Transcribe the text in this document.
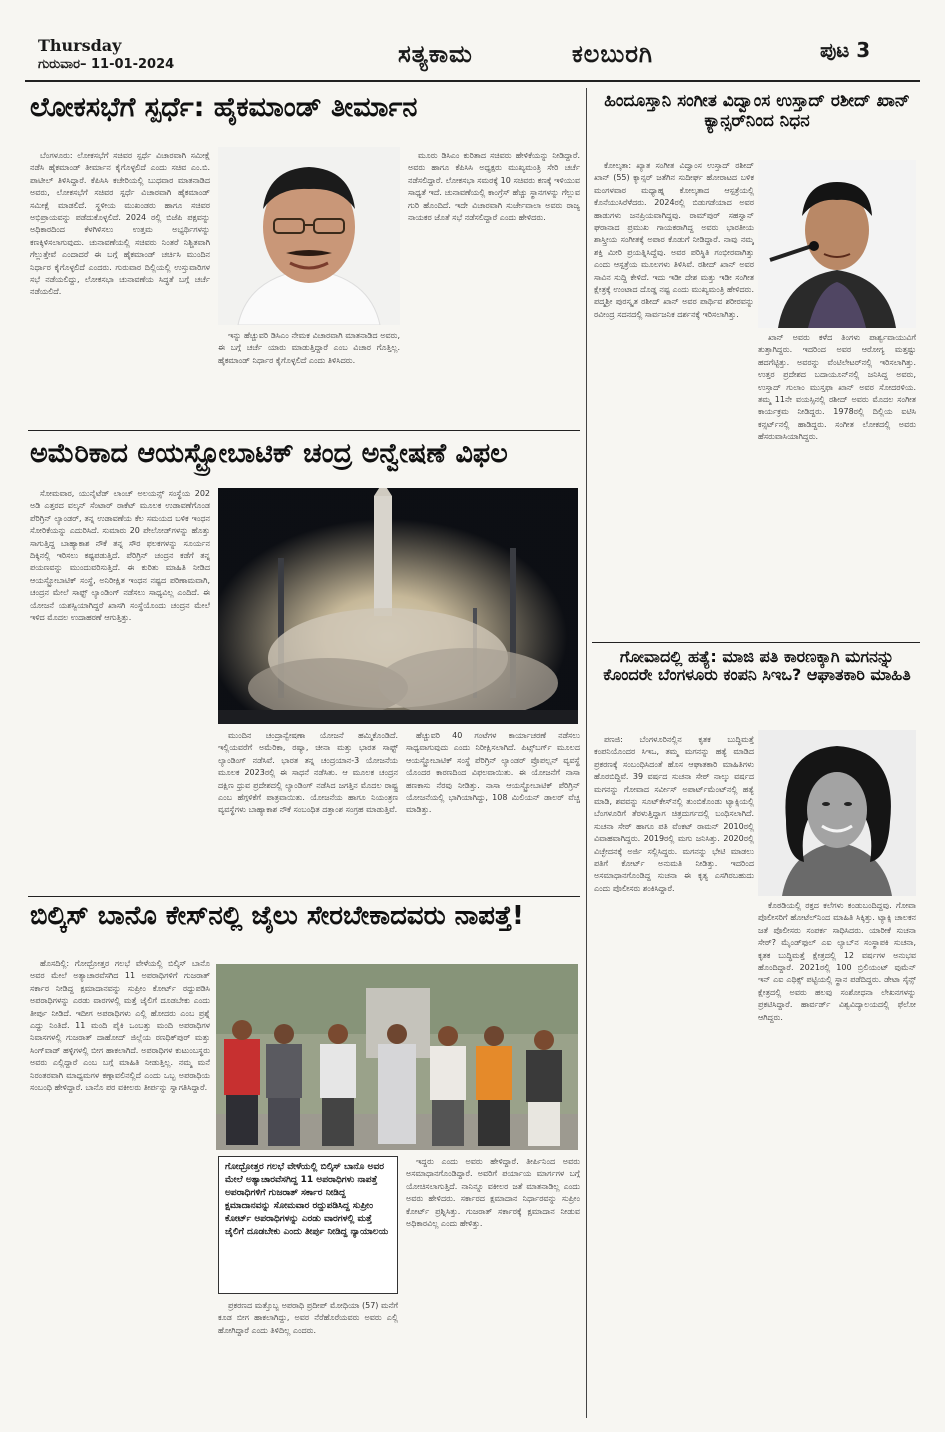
Thursday
ಗುರುವಾರ– 11-01-2024	ಸತ್ಯಕಾಮ	ಕಲಬುರಗಿ	ಪುಟ 3
ಲೋಕಸಭೆಗೆ ಸ್ಪರ್ಧೆ: ಹೈಕಮಾಂಡ್ ತೀರ್ಮಾನ

ಬೆಂಗಳೂರು: ಲೋಕಸಭೆಗೆ ಸಚಿವರ ಸ್ಪರ್ಧೆ ವಿಚಾರವಾಗಿ ಸಮೀಕ್ಷೆ ನಡೆಸಿ ಹೈಕಮಾಂಡ್ ತೀರ್ಮಾನ ಕೈಗೊಳ್ಳಲಿದೆ ಎಂದು ಸಚಿವ ಎಂ.ಬಿ. ಪಾಟೀಲ್ ತಿಳಿಸಿದ್ದಾರೆ. ಕೆಪಿಸಿಸಿ ಕಚೇರಿಯಲ್ಲಿ ಬುಧವಾರ ಮಾತನಾಡಿದ ಅವರು, ಲೋಕಸಭೆಗೆ ಸಚಿವರ ಸ್ಪರ್ಧೆ ವಿಚಾರವಾಗಿ ಹೈಕಮಾಂಡ್ ಸಮೀಕ್ಷೆ ಮಾಡಲಿದೆ. ಸ್ಥಳೀಯ ಮುಖಂಡರು ಹಾಗೂ ಸಚಿವರ ಅಭಿಪ್ರಾಯವನ್ನು ಪಡೆದುಕೊಳ್ಳಲಿದೆ. 2024 ರಲ್ಲಿ ಬಿಜೆಪಿ ಪಕ್ಷವನ್ನು ಅಧಿಕಾರದಿಂದ ಕೆಳಗಿಳಿಸಲು ಉತ್ತಮ ಅಭ್ಯರ್ಥಿಗಳನ್ನು ಕಣಕ್ಕಿಳಿಸಲಾಗುವುದು. ಚುನಾವಣೆಯಲ್ಲಿ ಸಚಿವರು ನಿಂತರೆ ನಿಶ್ಚಿತವಾಗಿ ಗೆಲ್ಲುತ್ತೇವೆ ಎಂದಾದರೆ ಈ ಬಗ್ಗೆ ಹೈಕಮಾಂಡ್ ಚರ್ಚಿಸಿ ಮುಂದಿನ ನಿರ್ಧಾರ ಕೈಗೊಳ್ಳಲಿದೆ ಎಂದರು. ಗುರುವಾರ ದಿಲ್ಲಿಯಲ್ಲಿ ಉಸ್ತುವಾರಿಗಳ ಸಭೆ ನಡೆಯಲಿದ್ದು, ಲೋಕಸಭಾ ಚುನಾವಣೆಯ ಸಿದ್ಧತೆ ಬಗ್ಗೆ ಚರ್ಚೆ ನಡೆಯಲಿದೆ.

ಇನ್ನು ಹೆಚ್ಚುವರಿ ಡಿಸಿಎಂ ನೇಮಕ ವಿಚಾರವಾಗಿ ಮಾತನಾಡಿದ ಅವರು, ಈ ಬಗ್ಗೆ ಚರ್ಚೆ ಯಾರು ಮಾಡುತ್ತಿದ್ದಾರೆ ಎಂಬ ವಿಚಾರ ಗೊತ್ತಿಲ್ಲ. ಹೈಕಮಾಂಡ್ ನಿರ್ಧಾರ ಕೈಗೊಳ್ಳಲಿದೆ ಎಂದು ತಿಳಿಸಿದರು.

ಮೂರು ಡಿಸಿಎಂ ಕುರಿತಾದ ಸಚಿವರು ಹೇಳಿಕೆಯನ್ನು ನೀಡಿದ್ದಾರೆ. ಅವರು ಹಾಗೂ ಕೆಪಿಸಿಸಿ ಅಧ್ಯಕ್ಷರು ಮುಖ್ಯಮಂತ್ರಿ ಸೇರಿ ಚರ್ಚೆ ನಡೆಸಲಿದ್ದಾರೆ. ಲೋಕಸಭಾ ಸಮರಕ್ಕೆ 10 ಸಚಿವರು ಕಣಕ್ಕೆ ಇಳಿಯುವ ಸಾಧ್ಯತೆ ಇದೆ. ಚುನಾವಣೆಯಲ್ಲಿ ಕಾಂಗ್ರೆಸ್ ಹೆಚ್ಚು ಸ್ಥಾನಗಳನ್ನು ಗೆಲ್ಲುವ ಗುರಿ ಹೊಂದಿದೆ. ಇದೇ ವಿಚಾರವಾಗಿ ಸುರ್ಜೇವಾಲಾ ಅವರು ರಾಜ್ಯ ನಾಯಕರ ಜೊತೆ ಸಭೆ ನಡೆಸಲಿದ್ದಾರೆ ಎಂದು ಹೇಳಿದರು.

ಅಮೆರಿಕಾದ ಆಯಸ್ಟ್ರೋಬಾಟಿಕ್ ಚಂದ್ರ ಅನ್ವೇಷಣೆ ವಿಫಲ

ಸೋಮವಾರ, ಯುನೈಟೆಡ್ ಲಾಂಚ್ ಅಲಯನ್ಸ್ ಸಂಸ್ಥೆಯ 202 ಅಡಿ ಎತ್ತರದ ವಲ್ಕನ್ ಸೆಂಟಾರ್ ರಾಕೆಟ್ ಮೂಲಕ ಉಡಾವಣೆಗೊಂಡ ಪೆರಿಗ್ರಿನ್ ಲ್ಯಾಂಡರ್, ತನ್ನ ಉಡಾವಣೆಯ ಕೆಲ ಸಮಯದ ಬಳಿಕ ಇಂಧನ ಸೋರಿಕೆಯನ್ನು ಎದುರಿಸಿದೆ. ಸುಮಾರು 20 ಪೇಲೋಡ್‌ಗಳನ್ನು ಹೊತ್ತು ಸಾಗುತ್ತಿದ್ದ ಬಾಹ್ಯಾಕಾಶ ನೌಕೆ ತನ್ನ ಸೌರ ಫಲಕಗಳನ್ನು ಸೂರ್ಯನ ದಿಕ್ಕಿನಲ್ಲಿ ಇರಿಸಲು ಕಷ್ಟಪಡುತ್ತಿದೆ. ಪೆರಿಗ್ರಿನ್ ಚಂದ್ರನ ಕಡೆಗೆ ತನ್ನ ಪಯಣವನ್ನು ಮುಂದುವರಿಸುತ್ತಿದೆ. ಈ ಕುರಿತು ಮಾಹಿತಿ ನೀಡಿದ ಆಯಸ್ಟ್ರೋಬಾಟಿಕ್ ಸಂಸ್ಥೆ, ಅನಿರೀಕ್ಷಿತ ಇಂಧನ ನಷ್ಟದ ಪರಿಣಾಮವಾಗಿ, ಚಂದ್ರನ ಮೇಲೆ ಸಾಫ್ಟ್ ಲ್ಯಾಂಡಿಂಗ್ ನಡೆಸಲು ಸಾಧ್ಯವಿಲ್ಲ ಎಂದಿದೆ. ಈ ಯೋಜನೆ ಯಶಸ್ವಿಯಾಗಿದ್ದರೆ ಖಾಸಗಿ ಸಂಸ್ಥೆಯೊಂದು ಚಂದ್ರನ ಮೇಲೆ ಇಳಿದ ಮೊದಲ ಉದಾಹರಣೆ ಆಗುತ್ತಿತ್ತು.

ಮುಂದಿನ ಚಂದ್ರಾನ್ವೇಷಣಾ ಯೋಜನೆ ಹಮ್ಮಿಕೊಂಡಿದೆ. ಇಲ್ಲಿಯವರೆಗೆ ಅಮೆರಿಕಾ, ರಷ್ಯಾ, ಚೀನಾ ಮತ್ತು ಭಾರತ ಸಾಫ್ಟ್ ಲ್ಯಾಂಡಿಂಗ್ ನಡೆಸಿವೆ. ಭಾರತ ತನ್ನ ಚಂದ್ರಯಾನ-3 ಯೋಜನೆಯ ಮೂಲಕ 2023ರಲ್ಲಿ ಈ ಸಾಧನೆ ನಡೆಸಿತು. ಆ ಮೂಲಕ ಚಂದ್ರನ ದಕ್ಷಿಣ ಧ್ರುವ ಪ್ರದೇಶದಲ್ಲಿ ಲ್ಯಾಂಡಿಂಗ್ ನಡೆಸಿದ ಜಗತ್ತಿನ ಮೊದಲ ರಾಷ್ಟ್ರ ಎಂಬ ಹೆಗ್ಗಳಿಕೆಗೆ ಪಾತ್ರವಾಯಿತು. ಯೋಜನೆಯ ಹಾಗೂ ನಿಯಂತ್ರಣ ವ್ಯವಸ್ಥೆಗಳು ಬಾಹ್ಯಾಕಾಶ ನೌಕೆ ಸಂಬಂಧಿತ ದತ್ತಾಂಶ ಸಂಗ್ರಹ ಮಾಡುತ್ತಿವೆ.

ಹೆಚ್ಚುವರಿ 40 ಗಂಟೆಗಳ ಕಾರ್ಯಾಚರಣೆ ನಡೆಸಲು ಸಾಧ್ಯವಾಗುವುದು ಎಂದು ನಿರೀಕ್ಷಿಸಲಾಗಿದೆ. ಪಿಟ್ಸ್‌ಬರ್ಗ್ ಮೂಲದ ಆಯಸ್ಟ್ರೋಬಾಟಿಕ್ ಸಂಸ್ಥೆ ಪೆರಿಗ್ರಿನ್ ಲ್ಯಾಂಡರ್ ಪ್ರೊಪಲ್ಷನ್ ವ್ಯವಸ್ಥೆ ಯೊಂದರ ಕಾರಣದಿಂದ ವಿಫಲವಾಯಿತು. ಈ ಯೋಜನೆಗೆ ನಾಸಾ ಹಣಕಾಸು ನೆರವು ನೀಡಿತ್ತು. ನಾಸಾ ಆಯಸ್ಟ್ರೋಬಾಟಿಕ್ ಪೆರಿಗ್ರಿನ್ ಯೋಜನೆಯಲ್ಲಿ ಭಾಗಿಯಾಗಿದ್ದು, 108 ಮಿಲಿಯನ್ ಡಾಲರ್ ವೆಚ್ಚ ಮಾಡಿತ್ತು.

ಬಿಲ್ಕಿಸ್ ಬಾನೊ ಕೇಸ್‌ನಲ್ಲಿ ಜೈಲು ಸೇರಬೇಕಾದವರು ನಾಪತ್ತೆ!

ಹೊಸದಿಲ್ಲಿ: ಗೋಧ್ರೋತ್ತರ ಗಲಭೆ ವೇಳೆಯಲ್ಲಿ ಬಿಲ್ಕಿಸ್ ಬಾನೊ ಅವರ ಮೇಲೆ ಅತ್ಯಾಚಾರವೆಸಗಿದ 11 ಅಪರಾಧಿಗಳಿಗೆ ಗುಜರಾತ್ ಸರ್ಕಾರ ನೀಡಿದ್ದ ಕ್ಷಮಾದಾನವನ್ನು ಸುಪ್ರೀಂ ಕೋರ್ಟ್ ರದ್ದುಪಡಿಸಿ ಅಪರಾಧಿಗಳನ್ನು ಎರಡು ವಾರಗಳಲ್ಲಿ ಮತ್ತೆ ಜೈಲಿಗೆ ದೂಡಬೇಕು ಎಂದು ತೀರ್ಪು ನೀಡಿದೆ. ಇದೀಗ ಅಪರಾಧಿಗಳು ಎಲ್ಲಿ ಹೋದರು ಎಂಬ ಪ್ರಶ್ನೆ ಎದ್ದು ನಿಂತಿದೆ. 11 ಮಂದಿ ಪೈಕಿ ಒಂಬತ್ತು ಮಂದಿ ಅಪರಾಧಿಗಳ ನಿವಾಸಗಳಲ್ಲಿ ಗುಜರಾತ್ ದಾಹೋದ್ ಜಿಲ್ಲೆಯ ರಣಧಿಕ್‌ಪುರ್ ಮತ್ತು ಸಿಂಗ್‌ವಾಡ್ ಹಳ್ಳಿಗಳಲ್ಲಿ ಬೀಗ ಹಾಕಲಾಗಿದೆ. ಅಪರಾಧಿಗಳ ಕುಟುಂಬಸ್ಥರು ಅವರು ಎಲ್ಲಿದ್ದಾರೆ ಎಂಬ ಬಗ್ಗೆ ಮಾಹಿತಿ ನೀಡುತ್ತಿಲ್ಲ. ನಮ್ಮ ಮನೆ ನಿರಂತರವಾಗಿ ಮಾಧ್ಯಮಗಳ ಕಣ್ಗಾವಲಿನಲ್ಲಿದೆ ಎಂದು ಒಬ್ಬ ಅಪರಾಧಿಯ ಸಂಬಂಧಿ ಹೇಳಿದ್ದಾರೆ. ಬಾನೊ ಪರ ವಕೀಲರು ತೀರ್ಪನ್ನು ಸ್ವಾಗತಿಸಿದ್ದಾರೆ.

ಗೋಧ್ರೋತ್ತರ ಗಲಭೆ ವೇಳೆಯಲ್ಲಿ ಬಿಲ್ಕಿಸ್ ಬಾನೊ ಅವರ ಮೇಲೆ ಅತ್ಯಾಚಾರವೆಸಗಿದ್ದ 11 ಅಪರಾಧಿಗಳು ನಾಪತ್ತೆ ಅಪರಾಧಿಗಳಿಗೆ ಗುಜರಾತ್ ಸರ್ಕಾರ ನೀಡಿದ್ದ ಕ್ಷಮಾದಾನವನ್ನು ಸೋಮವಾರ ರದ್ದುಪಡಿಸಿದ್ದ ಸುಪ್ರೀಂ ಕೋರ್ಟ್ ಅಪರಾಧಿಗಳನ್ನು ಎರಡು ವಾರಗಳಲ್ಲಿ ಮತ್ತೆ ಜೈಲಿಗೆ ದೂಡಬೇಕು ಎಂದು ತೀರ್ಪು ನೀಡಿದ್ದ ನ್ಯಾಯಾಲಯ

ಪ್ರಕರಣದ ಮತ್ತೊಬ್ಬ ಅಪರಾಧಿ ಪ್ರದೀಪ್ ಮೋಧಿಯಾ (57) ಮನೆಗೆ ಕೂಡ ಬೀಗ ಹಾಕಲಾಗಿದ್ದು, ಅವರ ನೆರೆಹೊರೆಯವರು ಅವರು ಎಲ್ಲಿ ಹೋಗಿದ್ದಾರೆ ಎಂದು ತಿಳಿದಿಲ್ಲ ಎಂದರು.

ಇದ್ದರು ಎಂದು ಅವರು ಹೇಳಿದ್ದಾರೆ. ತೀರ್ಪಿನಿಂದ ಅವರು ಅಸಮಾಧಾನಗೊಂಡಿದ್ದಾರೆ. ಅವರಿಗೆ ಪರ್ಯಾಯ ಮಾರ್ಗಗಳ ಬಗ್ಗೆ ಯೋಚಿಸಲಾಗುತ್ತಿದೆ. ನಾನಿನ್ನೂ ವಕೀಲರ ಜತೆ ಮಾತನಾಡಿಲ್ಲ ಎಂದು ಅವರು ಹೇಳಿದರು. ಸರ್ಕಾರದ ಕ್ಷಮಾದಾನ ನಿರ್ಧಾರವನ್ನು ಸುಪ್ರೀಂ ಕೋರ್ಟ್ ಪ್ರಶ್ನಿಸಿತ್ತು. ಗುಜರಾತ್ ಸರ್ಕಾರಕ್ಕೆ ಕ್ಷಮಾದಾನ ನೀಡುವ ಅಧಿಕಾರವಿಲ್ಲ ಎಂದು ಹೇಳಿತ್ತು.

ಹಿಂದೂಸ್ತಾನಿ ಸಂಗೀತ ವಿದ್ವಾಂಸ ಉಸ್ತಾದ್ ರಶೀದ್ ಖಾನ್ ಕ್ಯಾನ್ಸರ್‌ನಿಂದ ನಿಧನ

ಕೋಲ್ಕತಾ: ಖ್ಯಾತ ಸಂಗೀತ ವಿದ್ವಾಂಸ ಉಸ್ತಾದ್ ರಶೀದ್ ಖಾನ್ (55) ಕ್ಯಾನ್ಸರ್ ಜತೆಗಿನ ಸುದೀರ್ಘ ಹೋರಾಟದ ಬಳಿಕ ಮಂಗಳವಾರ ಮಧ್ಯಾಹ್ನ ಕೋಲ್ಕತಾದ ಆಸ್ಪತ್ರೆಯಲ್ಲಿ ಕೊನೆಯುಸಿರೆಳೆದರು. 2024ರಲ್ಲಿ ಬಿಡುಗಡೆಯಾದ ಅವರ ಹಾಡುಗಳು ಜನಪ್ರಿಯವಾಗಿದ್ದವು. ರಾಮ್‌ಪುರ್ ಸಹಸ್ವಾನ್ ಘರಾನಾದ ಪ್ರಮುಖ ಗಾಯಕರಾಗಿದ್ದ ಅವರು ಭಾರತೀಯ ಶಾಸ್ತ್ರೀಯ ಸಂಗೀತಕ್ಕೆ ಅಪಾರ ಕೊಡುಗೆ ನೀಡಿದ್ದಾರೆ. ನಾವು ನಮ್ಮ ಶಕ್ತಿ ಮೀರಿ ಪ್ರಯತ್ನಿಸಿದ್ದೆವು. ಅವರ ಪರಿಸ್ಥಿತಿ ಗಂಭೀರವಾಗಿತ್ತು ಎಂದು ಆಸ್ಪತ್ರೆಯ ಮೂಲಗಳು ತಿಳಿಸಿವೆ. ರಶೀದ್ ಖಾನ್ ಅವರ ಸಾವಿನ ಸುದ್ದಿ ಕೇಳಿದೆ. ಇದು ಇಡೀ ದೇಶ ಮತ್ತು ಇಡೀ ಸಂಗೀತ ಕ್ಷೇತ್ರಕ್ಕೆ ಉಂಟಾದ ದೊಡ್ಡ ನಷ್ಟ ಎಂದು ಮುಖ್ಯಮಂತ್ರಿ ಹೇಳಿದರು. ಪದ್ಮಶ್ರೀ ಪುರಸ್ಕೃತ ರಶೀದ್ ಖಾನ್ ಅವರ ಪಾರ್ಥಿವ ಶರೀರವನ್ನು ರವೀಂದ್ರ ಸದನದಲ್ಲಿ ಸಾರ್ವಜನಿಕ ದರ್ಶನಕ್ಕೆ ಇರಿಸಲಾಗಿತ್ತು.

ಖಾನ್ ಅವರು ಕಳೆದ ತಿಂಗಳು ಪಾರ್ಶ್ವವಾಯುವಿಗೆ ತುತ್ತಾಗಿದ್ದರು. ಇದರಿಂದ ಅವರ ಆರೋಗ್ಯ ಮತ್ತಷ್ಟು ಹದಗೆಟ್ಟಿತ್ತು. ಅವರನ್ನು ವೆಂಟಿಲೇಟರ್‌ನಲ್ಲಿ ಇರಿಸಲಾಗಿತ್ತು. ಉತ್ತರ ಪ್ರದೇಶದ ಬದಾಯೂನ್‌ನಲ್ಲಿ ಜನಿಸಿದ್ದ ಅವರು, ಉಸ್ತಾದ್ ಗುಲಾಂ ಮುಸ್ತಫಾ ಖಾನ್ ಅವರ ಸೋದರಳಿಯ. ತಮ್ಮ 11ನೇ ವಯಸ್ಸಿನಲ್ಲಿ ರಶೀದ್ ಅವರು ಮೊದಲ ಸಂಗೀತ ಕಾರ್ಯಕ್ರಮ ನೀಡಿದ್ದರು. 1978ರಲ್ಲಿ ದಿಲ್ಲಿಯ ಐಟಿಸಿ ಕನ್ಸರ್ಟ್‌ನಲ್ಲಿ ಹಾಡಿದ್ದರು. ಸಂಗೀತ ಲೋಕದಲ್ಲಿ ಅವರು ಹೆಸರುವಾಸಿಯಾಗಿದ್ದರು.

ಗೋವಾದಲ್ಲಿ ಹತ್ಯೆ: ಮಾಜಿ ಪತಿ ಕಾರಣಕ್ಕಾಗಿ ಮಗನನ್ನು ಕೊಂದರೇ ಬೆಂಗಳೂರು ಕಂಪನಿ ಸಿಇಒ? ಆಘಾತಕಾರಿ ಮಾಹಿತಿ

ಪಣಜಿ: ಬೆಂಗಳೂರಿನಲ್ಲಿನ ಕೃತಕ ಬುದ್ಧಿಮತ್ತೆ ಕಂಪನಿಯೊಂದರ ಸಿಇಒ, ತಮ್ಮ ಮಗನನ್ನು ಹತ್ಯೆ ಮಾಡಿದ ಪ್ರಕರಣಕ್ಕೆ ಸಂಬಂಧಿಸಿದಂತೆ ಹೊಸ ಆಘಾತಕಾರಿ ಮಾಹಿತಿಗಳು ಹೊರಬಿದ್ದಿವೆ. 39 ವರ್ಷದ ಸುಚನಾ ಸೇಠ್ ನಾಲ್ಕು ವರ್ಷದ ಮಗನನ್ನು ಗೋವಾದ ಸರ್ವೀಸ್ ಅಪಾರ್ಟ್‌ಮೆಂಟ್‌ನಲ್ಲಿ ಹತ್ಯೆ ಮಾಡಿ, ಶವವನ್ನು ಸೂಟ್‌ಕೇಸ್‌ನಲ್ಲಿ ತುಂಬಿಕೊಂಡು ಟ್ಯಾಕ್ಸಿಯಲ್ಲಿ ಬೆಂಗಳೂರಿಗೆ ತೆರಳುತ್ತಿದ್ದಾಗ ಚಿತ್ರದುರ್ಗದಲ್ಲಿ ಬಂಧಿಸಲಾಗಿದೆ. ಸುಚನಾ ಸೇಠ್ ಹಾಗೂ ಪತಿ ವೆಂಕಟ್ ರಾಮನ್ 2010ರಲ್ಲಿ ವಿವಾಹವಾಗಿದ್ದರು. 2019ರಲ್ಲಿ ಮಗು ಜನಿಸಿತ್ತು. 2020ರಲ್ಲಿ ವಿಚ್ಛೇದನಕ್ಕೆ ಅರ್ಜಿ ಸಲ್ಲಿಸಿದ್ದರು. ಮಗನನ್ನು ಭೇಟಿ ಮಾಡಲು ಪತಿಗೆ ಕೋರ್ಟ್ ಅನುಮತಿ ನೀಡಿತ್ತು. ಇದರಿಂದ ಅಸಮಾಧಾನಗೊಂಡಿದ್ದ ಸುಚನಾ ಈ ಕೃತ್ಯ ಎಸಗಿರಬಹುದು ಎಂದು ಪೊಲೀಸರು ಶಂಕಿಸಿದ್ದಾರೆ.

ಕೊಠಡಿಯಲ್ಲಿ ರಕ್ತದ ಕಲೆಗಳು ಕಂಡುಬಂದಿದ್ದವು. ಗೋವಾ ಪೊಲೀಸರಿಗೆ ಹೋಟೆಲ್‌ನಿಂದ ಮಾಹಿತಿ ಸಿಕ್ಕಿತ್ತು. ಟ್ಯಾಕ್ಸಿ ಚಾಲಕನ ಜತೆ ಪೊಲೀಸರು ಸಂಪರ್ಕ ಸಾಧಿಸಿದರು. ಯಾರೀಕೆ ಸುಚನಾ ಸೇಠ್? ಮೈಂಡ್‌ಫುಲ್ ಎಐ ಲ್ಯಾಬ್‌ನ ಸಂಸ್ಥಾಪಕಿ ಸುಚನಾ, ಕೃತಕ ಬುದ್ಧಿಮತ್ತೆ ಕ್ಷೇತ್ರದಲ್ಲಿ 12 ವರ್ಷಗಳ ಅನುಭವ ಹೊಂದಿದ್ದಾರೆ. 2021ರಲ್ಲಿ 100 ಬ್ರಿಲಿಯಂಟ್ ವುಮೆನ್ ಇನ್ ಎಐ ಎಥಿಕ್ಸ್ ಪಟ್ಟಿಯಲ್ಲಿ ಸ್ಥಾನ ಪಡೆದಿದ್ದರು. ಡೇಟಾ ಸೈನ್ಸ್ ಕ್ಷೇತ್ರದಲ್ಲಿ ಅವರು ಹಲವು ಸಂಶೋಧನಾ ಲೇಖನಗಳನ್ನು ಪ್ರಕಟಿಸಿದ್ದಾರೆ. ಹಾರ್ವರ್ಡ್ ವಿಶ್ವವಿದ್ಯಾಲಯದಲ್ಲಿ ಫೆಲೋ ಆಗಿದ್ದರು.
